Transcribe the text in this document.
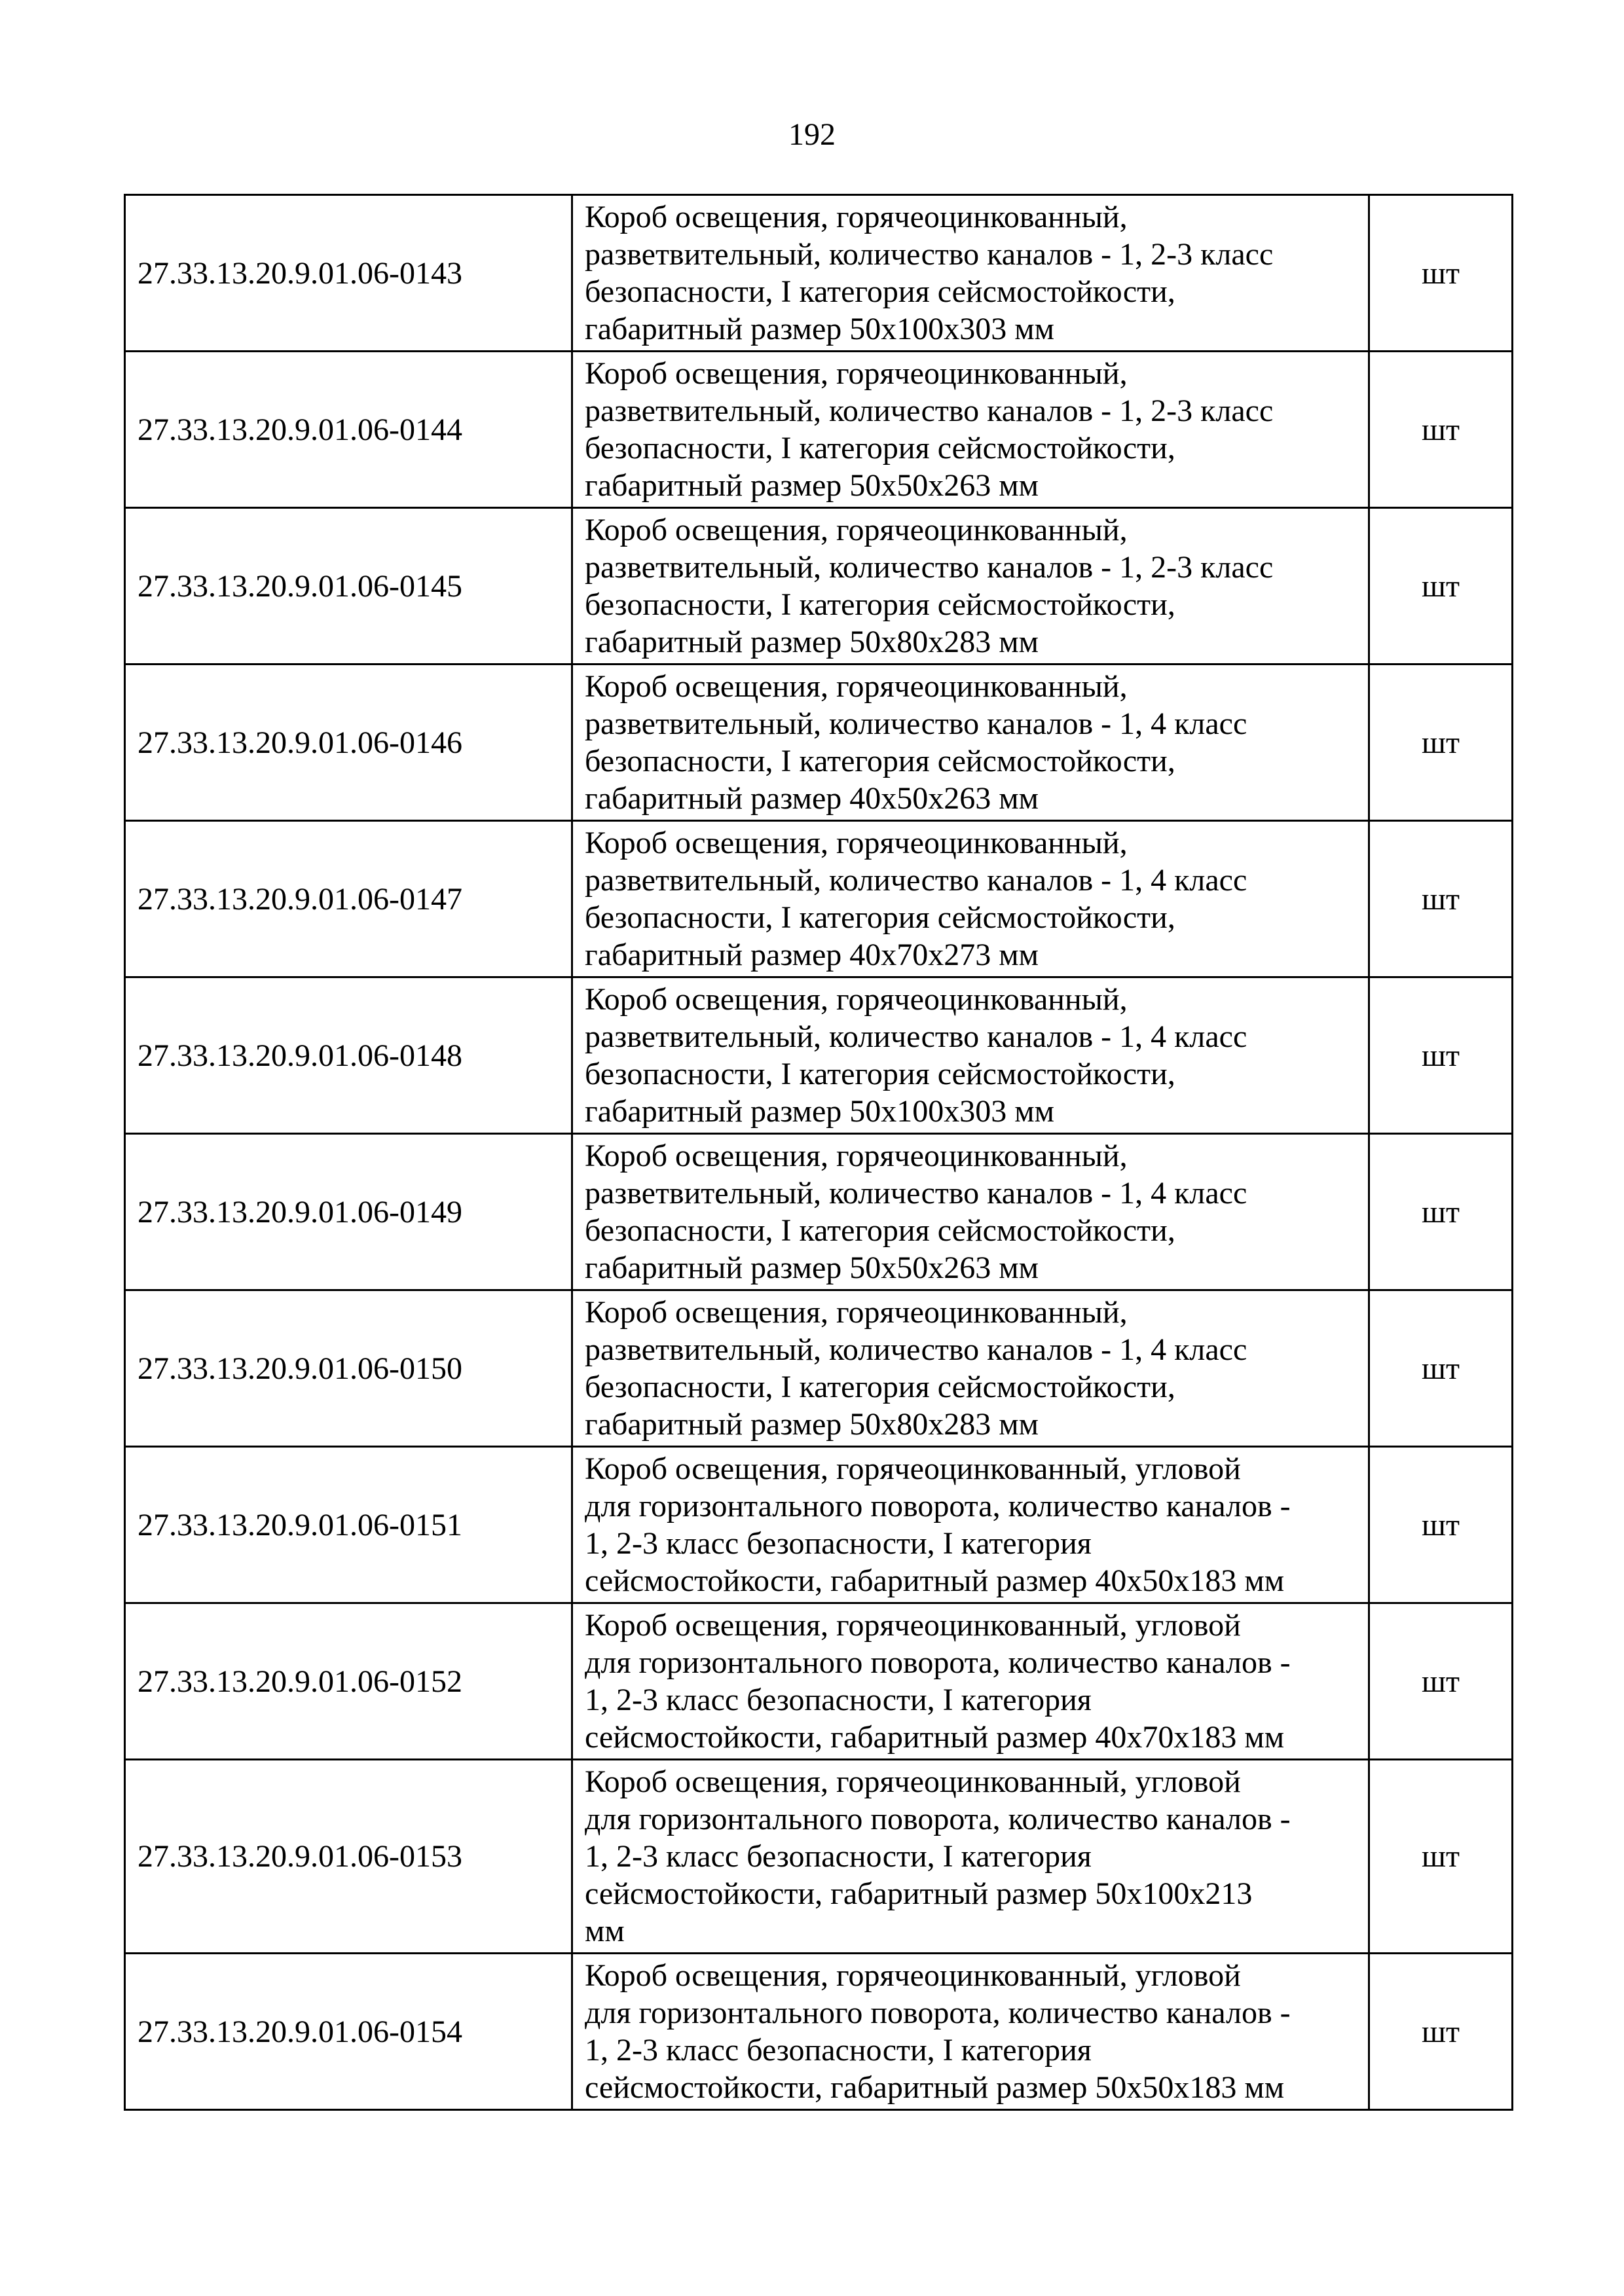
192
27.33.13.20.9.01.06-0143	Короб освещения, горячеоцинкованный,
разветвительный, количество каналов - 1, 2-3 класс
безопасности, I категория сейсмостойкости,
габаритный размер 50x100x303 мм	шт
27.33.13.20.9.01.06-0144	Короб освещения, горячеоцинкованный,
разветвительный, количество каналов - 1, 2-3 класс
безопасности, I категория сейсмостойкости,
габаритный размер 50x50x263 мм	шт
27.33.13.20.9.01.06-0145	Короб освещения, горячеоцинкованный,
разветвительный, количество каналов - 1, 2-3 класс
безопасности, I категория сейсмостойкости,
габаритный размер 50x80x283 мм	шт
27.33.13.20.9.01.06-0146	Короб освещения, горячеоцинкованный,
разветвительный, количество каналов - 1, 4 класс
безопасности, I категория сейсмостойкости,
габаритный размер 40x50x263 мм	шт
27.33.13.20.9.01.06-0147	Короб освещения, горячеоцинкованный,
разветвительный, количество каналов - 1, 4 класс
безопасности, I категория сейсмостойкости,
габаритный размер 40x70x273 мм	шт
27.33.13.20.9.01.06-0148	Короб освещения, горячеоцинкованный,
разветвительный, количество каналов - 1, 4 класс
безопасности, I категория сейсмостойкости,
габаритный размер 50x100x303 мм	шт
27.33.13.20.9.01.06-0149	Короб освещения, горячеоцинкованный,
разветвительный, количество каналов - 1, 4 класс
безопасности, I категория сейсмостойкости,
габаритный размер 50x50x263 мм	шт
27.33.13.20.9.01.06-0150	Короб освещения, горячеоцинкованный,
разветвительный, количество каналов - 1, 4 класс
безопасности, I категория сейсмостойкости,
габаритный размер 50x80x283 мм	шт
27.33.13.20.9.01.06-0151	Короб освещения, горячеоцинкованный, угловой
для горизонтального поворота, количество каналов -
1, 2-3 класс безопасности, I категория
сейсмостойкости, габаритный размер 40x50x183 мм	шт
27.33.13.20.9.01.06-0152	Короб освещения, горячеоцинкованный, угловой
для горизонтального поворота, количество каналов -
1, 2-3 класс безопасности, I категория
сейсмостойкости, габаритный размер 40x70x183 мм	шт
27.33.13.20.9.01.06-0153	Короб освещения, горячеоцинкованный, угловой
для горизонтального поворота, количество каналов -
1, 2-3 класс безопасности, I категория
сейсмостойкости, габаритный размер 50x100x213
мм	шт
27.33.13.20.9.01.06-0154	Короб освещения, горячеоцинкованный, угловой
для горизонтального поворота, количество каналов -
1, 2-3 класс безопасности, I категория
сейсмостойкости, габаритный размер 50x50x183 мм	шт
